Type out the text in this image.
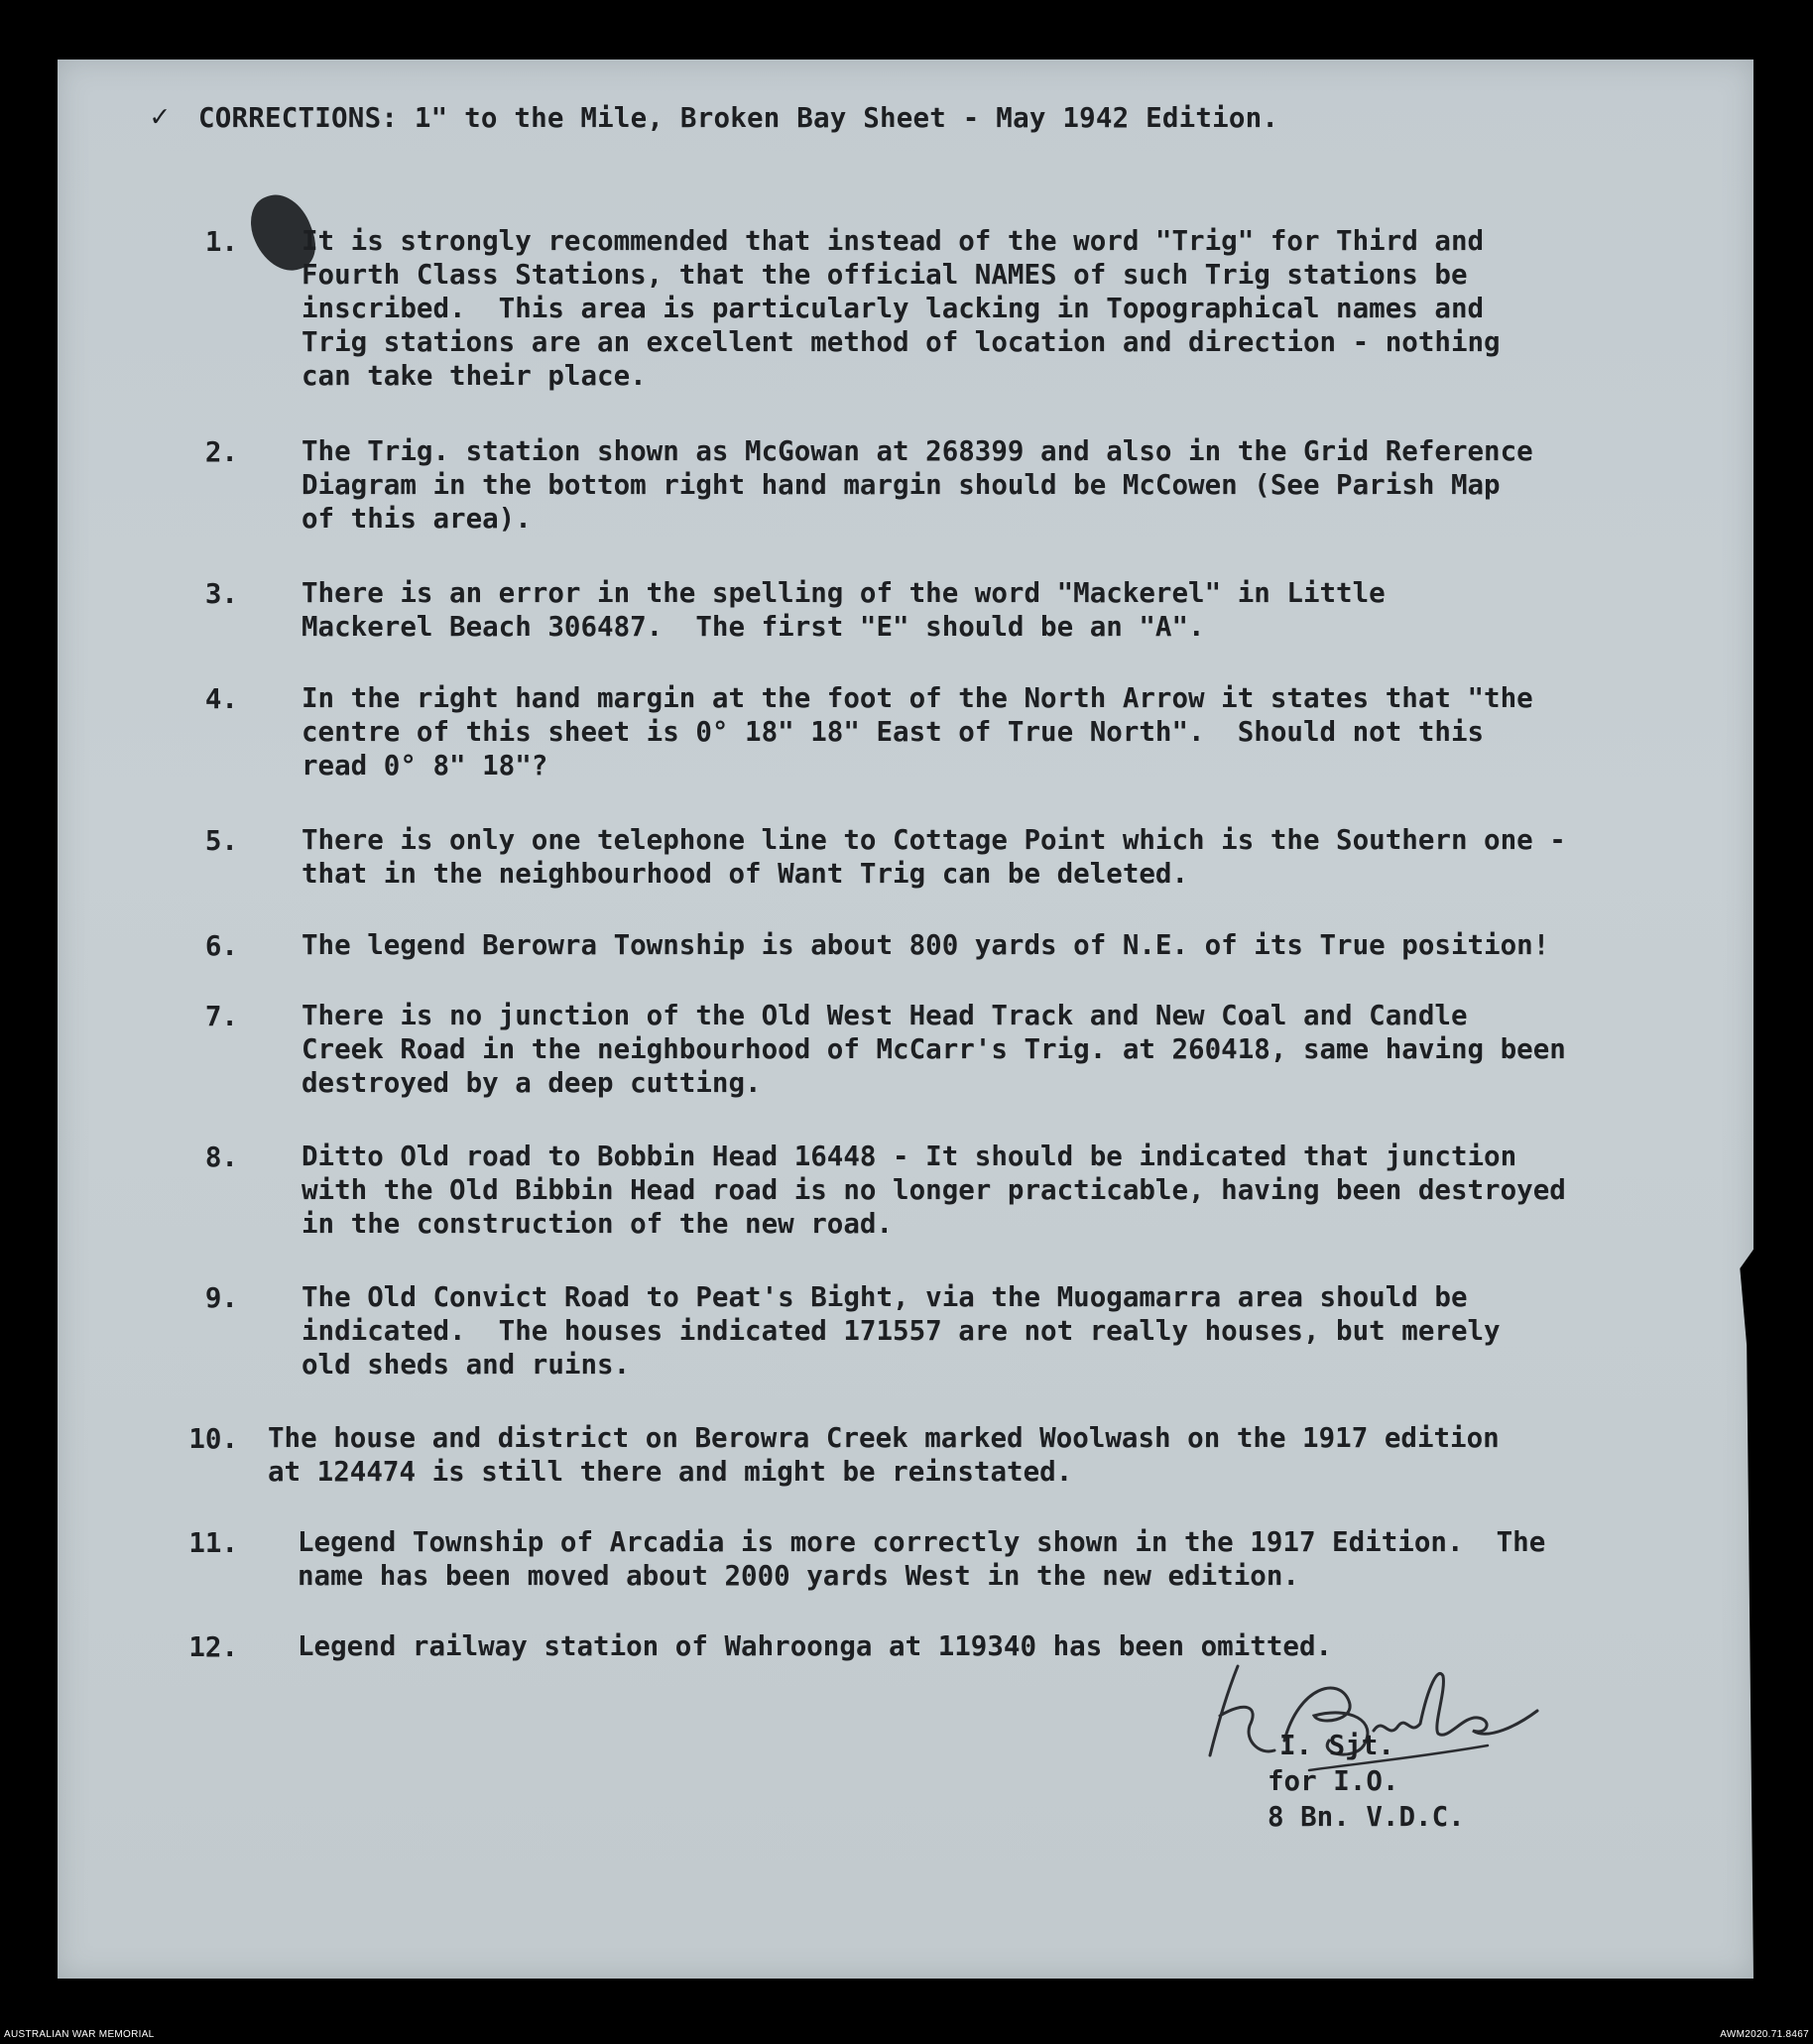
✓ CORRECTIONS: 1" to the Mile, Broken Bay Sheet - May 1942 Edition.
1. It is strongly recommended that instead of the word "Trig" for Third and
Fourth Class Stations, that the official NAMES of such Trig stations be
inscribed.  This area is particularly lacking in Topographical names and
Trig stations are an excellent method of location and direction - nothing
can take their place.
2. The Trig. station shown as McGowan at 268399 and also in the Grid Reference
Diagram in the bottom right hand margin should be McCowen (See Parish Map
of this area).
3. There is an error in the spelling of the word "Mackerel" in Little
Mackerel Beach 306487.  The first "E" should be an "A".
4. In the right hand margin at the foot of the North Arrow it states that "the
centre of this sheet is 0° 18" 18" East of True North".  Should not this
read 0° 8" 18"?
5. There is only one telephone line to Cottage Point which is the Southern one -
that in the neighbourhood of Want Trig can be deleted.
6. The legend Berowra Township is about 800 yards of N.E. of its True position!
7. There is no junction of the Old West Head Track and New Coal and Candle
Creek Road in the neighbourhood of McCarr's Trig. at 260418, same having been
destroyed by a deep cutting.
8. Ditto Old road to Bobbin Head 16448 - It should be indicated that junction
with the Old Bibbin Head road is no longer practicable, having been destroyed
in the construction of the new road.
9. The Old Convict Road to Peat's Bight, via the Muogamarra area should be
indicated.  The houses indicated 171557 are not really houses, but merely
old sheds and ruins.
10. The house and district on Berowra Creek marked Woolwash on the 1917 edition
at 124474 is still there and might be reinstated.
11. Legend Township of Arcadia is more correctly shown in the 1917 Edition.  The
name has been moved about 2000 yards West in the new edition.
12. Legend railway station of Wahroonga at 119340 has been omitted.
I. Sjt.
for I.O.
8 Bn. V.D.C.
AUSTRALIAN WAR MEMORIAL	AWM2020.71.8467
